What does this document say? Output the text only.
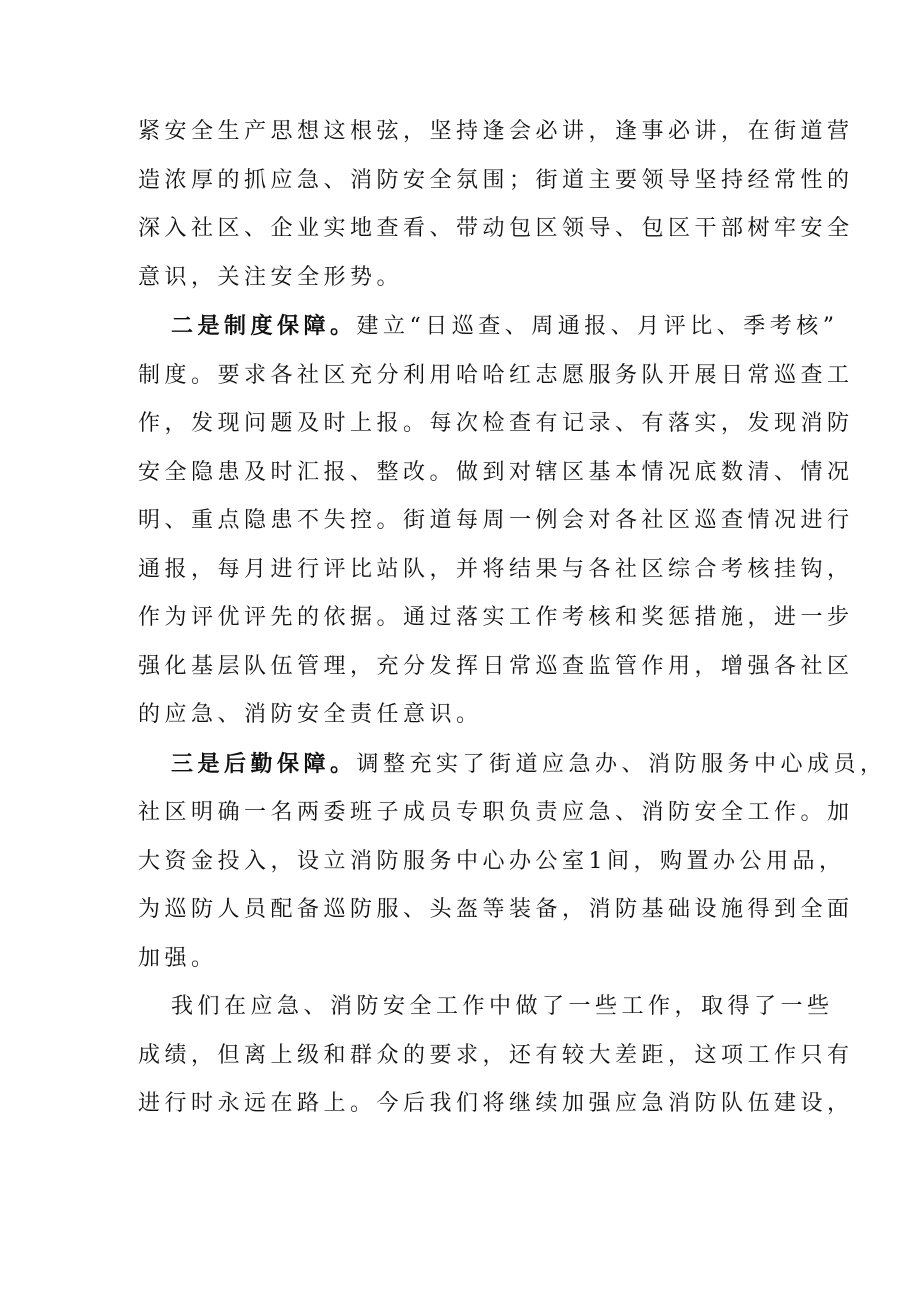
紧安全生产思想这根弦，坚持逢会必讲，逢事必讲，在街道营
造浓厚的抓应急、消防安全氛围；街道主要领导坚持经常性的
深入社区、企业实地查看、带动包区领导、包区干部树牢安全
意识，关注安全形势。
二是制度保障。建立“日巡查、周通报、月评比、季考核”
制度。要求各社区充分利用哈哈红志愿服务队开展日常巡查工
作，发现问题及时上报。每次检查有记录、有落实，发现消防
安全隐患及时汇报、整改。做到对辖区基本情况底数清、情况
明、重点隐患不失控。街道每周一例会对各社区巡查情况进行
通报，每月进行评比站队，并将结果与各社区综合考核挂钩，
作为评优评先的依据。通过落实工作考核和奖惩措施，进一步
强化基层队伍管理，充分发挥日常巡查监管作用，增强各社区
的应急、消防安全责任意识。
三是后勤保障。调整充实了街道应急办、消防服务中心成员，
社区明确一名两委班子成员专职负责应急、消防安全工作。加
大资金投入，设立消防服务中心办公室1间，购置办公用品，
为巡防人员配备巡防服、头盔等装备，消防基础设施得到全面
加强。
我们在应急、消防安全工作中做了一些工作，取得了一些
成绩，但离上级和群众的要求，还有较大差距，这项工作只有
进行时永远在路上。今后我们将继续加强应急消防队伍建设，
